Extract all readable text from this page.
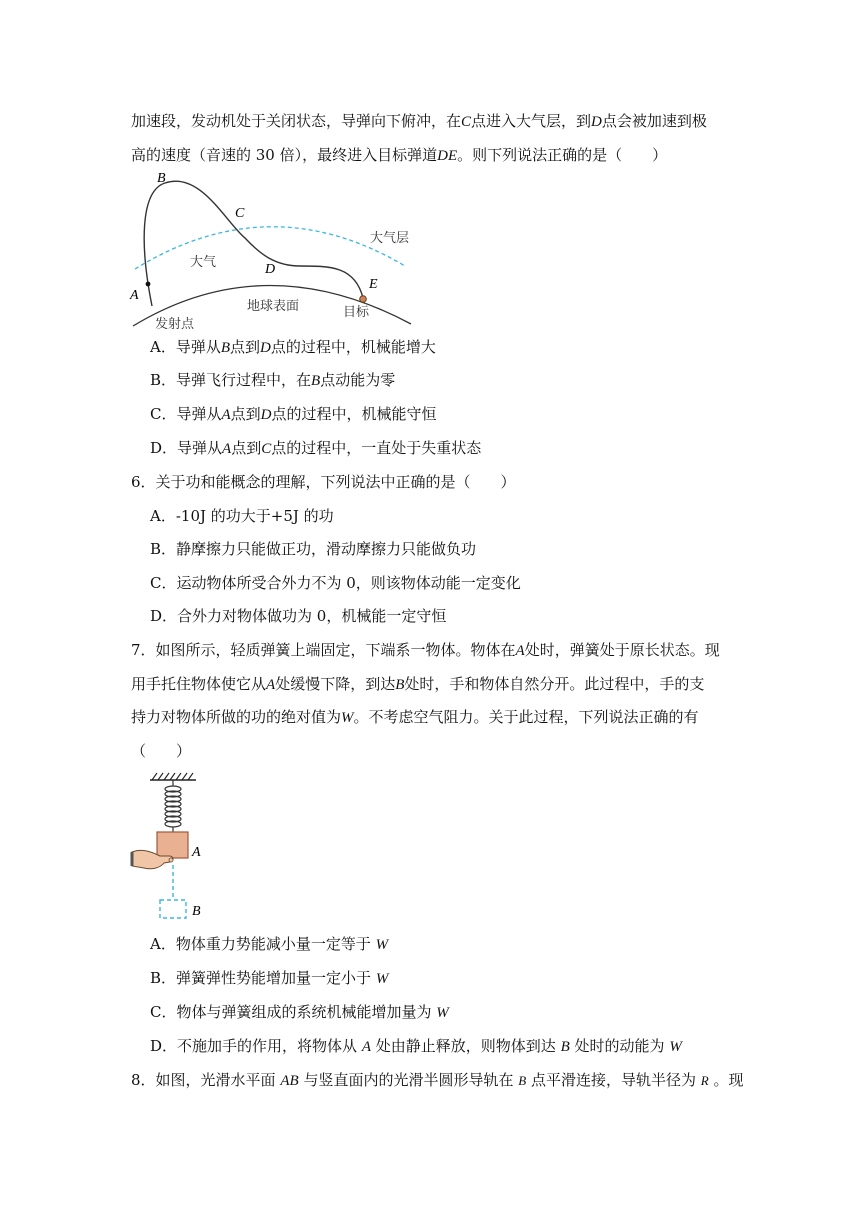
加速段，发动机处于关闭状态，导弹向下俯冲，在C点进入大气层，到D点会被加速到极
高的速度（音速的 30 倍），最终进入目标弹道DE。则下列说法正确的是（　　）
B
C
D
A
E
大气层
大气
地球表面
发射点
目标
A．导弹从B点到D点的过程中，机械能增大
B．导弹飞行过程中，在B点动能为零
C．导弹从A点到D点的过程中，机械能守恒
D．导弹从A点到C点的过程中，一直处于失重状态
6．关于功和能概念的理解，下列说法中正确的是（　　）
A．-10J 的功大于+5J 的功
B．静摩擦力只能做正功，滑动摩擦力只能做负功
C．运动物体所受合外力不为 0，则该物体动能一定变化
D．合外力对物体做功为 0，机械能一定守恒
7．如图所示，轻质弹簧上端固定，下端系一物体。物体在A处时，弹簧处于原长状态。现
用手托住物体使它从A处缓慢下降，到达B处时，手和物体自然分开。此过程中，手的支
持力对物体所做的功的绝对值为W。不考虑空气阻力。关于此过程，下列说法正确的有
（　　）
A
B
A．物体重力势能减小量一定等于 W
B．弹簧弹性势能增加量一定小于 W
C．物体与弹簧组成的系统机械能增加量为 W
D．不施加手的作用，将物体从 A 处由静止释放，则物体到达 B 处时的动能为 W
8．如图，光滑水平面 AB 与竖直面内的光滑半圆形导轨在 B 点平滑连接，导轨半径为 R 。现
